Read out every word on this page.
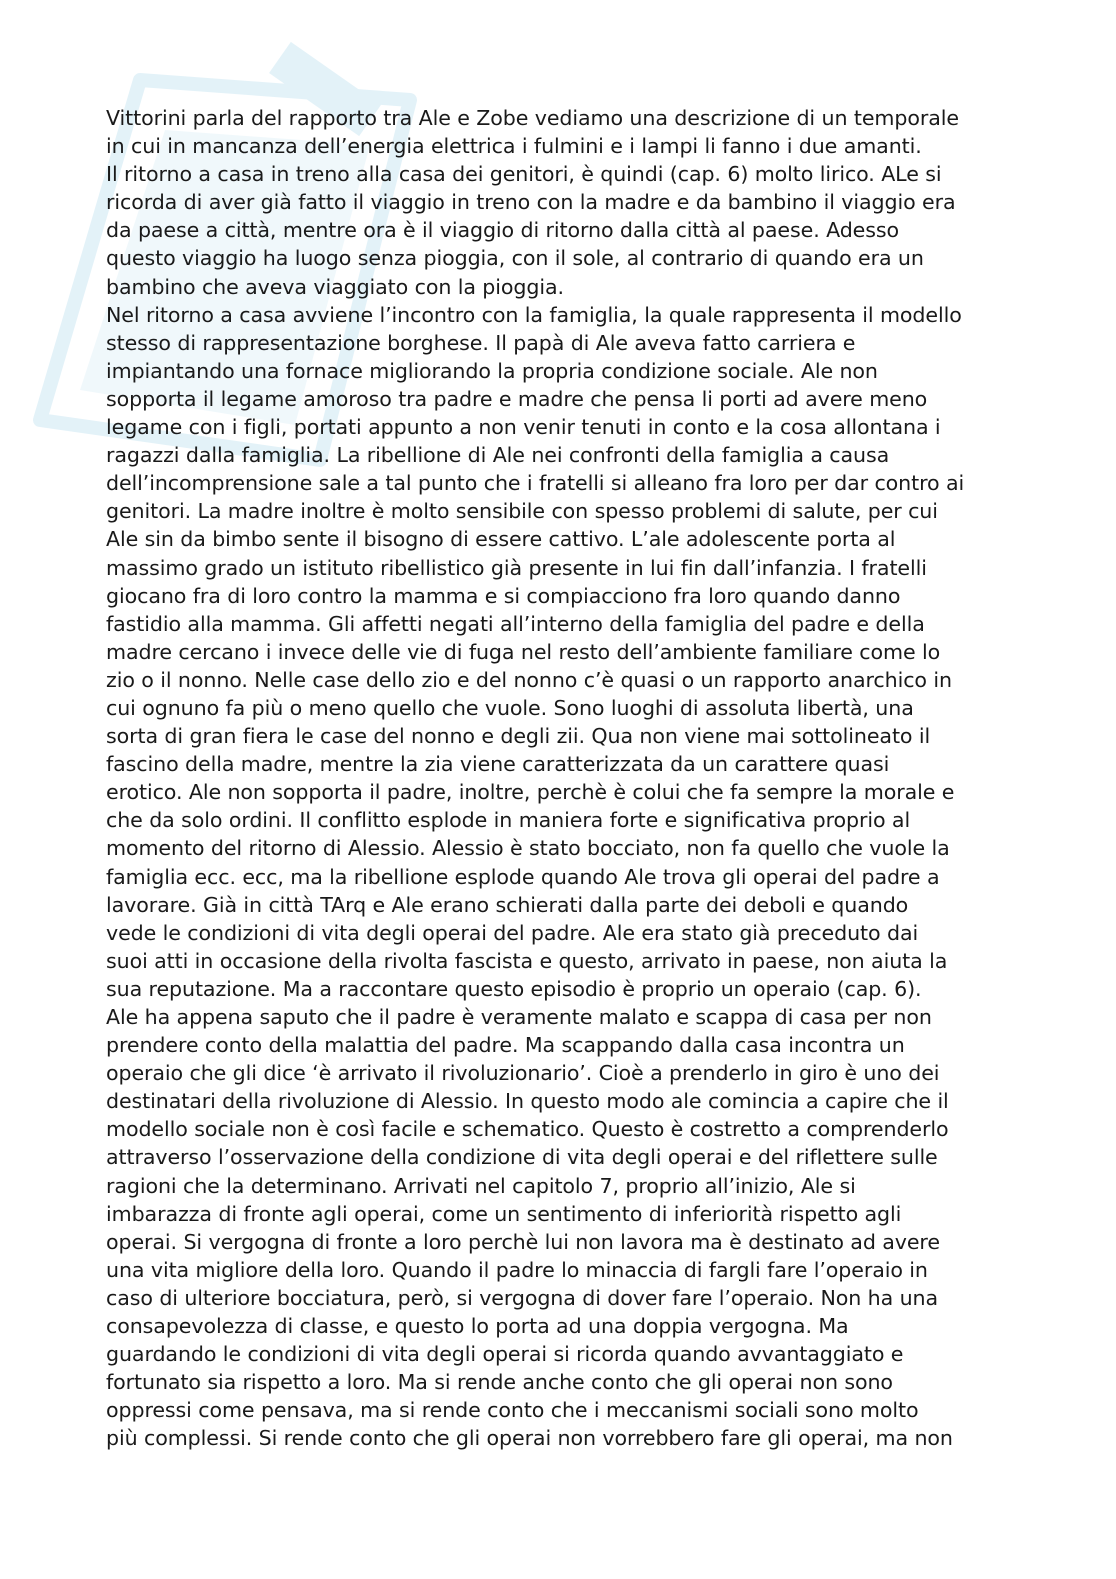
Vittorini parla del rapporto tra Ale e Zobe vediamo una descrizione di un temporale
in cui in mancanza dell’energia elettrica i fulmini e i lampi li fanno i due amanti.
Il ritorno a casa in treno alla casa dei genitori, è quindi (cap. 6) molto lirico. ALe si
ricorda di aver già fatto il viaggio in treno con la madre e da bambino il viaggio era
da paese a città, mentre ora è il viaggio di ritorno dalla città al paese. Adesso
questo viaggio ha luogo senza pioggia, con il sole, al contrario di quando era un
bambino che aveva viaggiato con la pioggia.
Nel ritorno a casa avviene l’incontro con la famiglia, la quale rappresenta il modello
stesso di rappresentazione borghese. Il papà di Ale aveva fatto carriera e
impiantando una fornace migliorando la propria condizione sociale. Ale non
sopporta il legame amoroso tra padre e madre che pensa li porti ad avere meno
legame con i figli, portati appunto a non venir tenuti in conto e la cosa allontana i
ragazzi dalla famiglia. La ribellione di Ale nei confronti della famiglia a causa
dell’incomprensione sale a tal punto che i fratelli si alleano fra loro per dar contro ai
genitori. La madre inoltre è molto sensibile con spesso problemi di salute, per cui
Ale sin da bimbo sente il bisogno di essere cattivo. L’ale adolescente porta al
massimo grado un istituto ribellistico già presente in lui fin dall’infanzia. I fratelli
giocano fra di loro contro la mamma e si compiacciono fra loro quando danno
fastidio alla mamma. Gli affetti negati all’interno della famiglia del padre e della
madre cercano i invece delle vie di fuga nel resto dell’ambiente familiare come lo
zio o il nonno. Nelle case dello zio e del nonno c’è quasi o un rapporto anarchico in
cui ognuno fa più o meno quello che vuole. Sono luoghi di assoluta libertà, una
sorta di gran fiera le case del nonno e degli zii. Qua non viene mai sottolineato il
fascino della madre, mentre la zia viene caratterizzata da un carattere quasi
erotico. Ale non sopporta il padre, inoltre, perchè è colui che fa sempre la morale e
che da solo ordini. Il conflitto esplode in maniera forte e significativa proprio al
momento del ritorno di Alessio. Alessio è stato bocciato, non fa quello che vuole la
famiglia ecc. ecc, ma la ribellione esplode quando Ale trova gli operai del padre a
lavorare. Già in città TArq e Ale erano schierati dalla parte dei deboli e quando
vede le condizioni di vita degli operai del padre. Ale era stato già preceduto dai
suoi atti in occasione della rivolta fascista e questo, arrivato in paese, non aiuta la
sua reputazione. Ma a raccontare questo episodio è proprio un operaio (cap. 6).
Ale ha appena saputo che il padre è veramente malato e scappa di casa per non
prendere conto della malattia del padre. Ma scappando dalla casa incontra un
operaio che gli dice ‘è arrivato il rivoluzionario’. Cioè a prenderlo in giro è uno dei
destinatari della rivoluzione di Alessio. In questo modo ale comincia a capire che il
modello sociale non è così facile e schematico. Questo è costretto a comprenderlo
attraverso l’osservazione della condizione di vita degli operai e del riflettere sulle
ragioni che la determinano. Arrivati nel capitolo 7, proprio all’inizio, Ale si
imbarazza di fronte agli operai, come un sentimento di inferiorità rispetto agli
operai. Si vergogna di fronte a loro perchè lui non lavora ma è destinato ad avere
una vita migliore della loro. Quando il padre lo minaccia di fargli fare l’operaio in
caso di ulteriore bocciatura, però, si vergogna di dover fare l’operaio. Non ha una
consapevolezza di classe, e questo lo porta ad una doppia vergogna. Ma
guardando le condizioni di vita degli operai si ricorda quando avvantaggiato e
fortunato sia rispetto a loro. Ma si rende anche conto che gli operai non sono
oppressi come pensava, ma si rende conto che i meccanismi sociali sono molto
più complessi. Si rende conto che gli operai non vorrebbero fare gli operai, ma non
